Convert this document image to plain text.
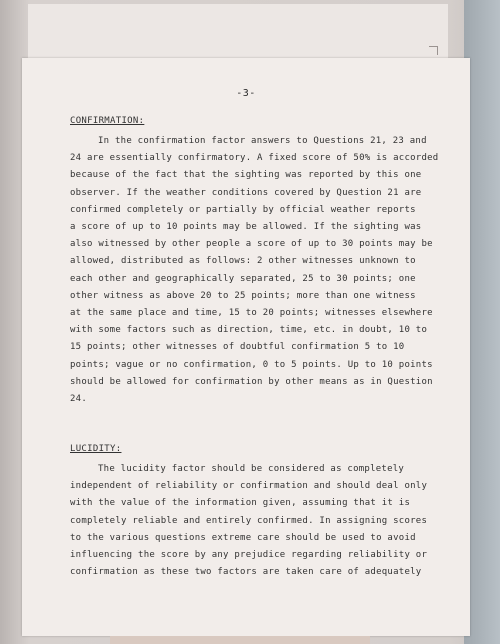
-3-
CONFIRMATION:
In the confirmation factor answers to Questions 21, 23 and
24 are essentially confirmatory. A fixed score of 50% is accorded
because of the fact that the sighting was reported by this one
observer. If the weather conditions covered by Question 21 are
confirmed completely or partially by official weather reports
a score of up to 10 points may be allowed. If the sighting was
also witnessed by other people a score of up to 30 points may be
allowed, distributed as follows: 2 other witnesses unknown to
each other and geographically separated, 25 to 30 points; one
other witness as above 20 to 25 points; more than one witness
at the same place and time, 15 to 20 points; witnesses elsewhere
with some factors such as direction, time, etc. in doubt, 10 to
15 points; other witnesses of doubtful confirmation 5 to 10
points; vague or no confirmation, 0 to 5 points. Up to 10 points
should be allowed for confirmation by other means as in Question
24.
LUCIDITY:
The lucidity factor should be considered as completely
independent of reliability or confirmation and should deal only
with the value of the information given, assuming that it is
completely reliable and entirely confirmed. In assigning scores
to the various questions extreme care should be used to avoid
influencing the score by any prejudice regarding reliability or
confirmation as these two factors are taken care of adequately
